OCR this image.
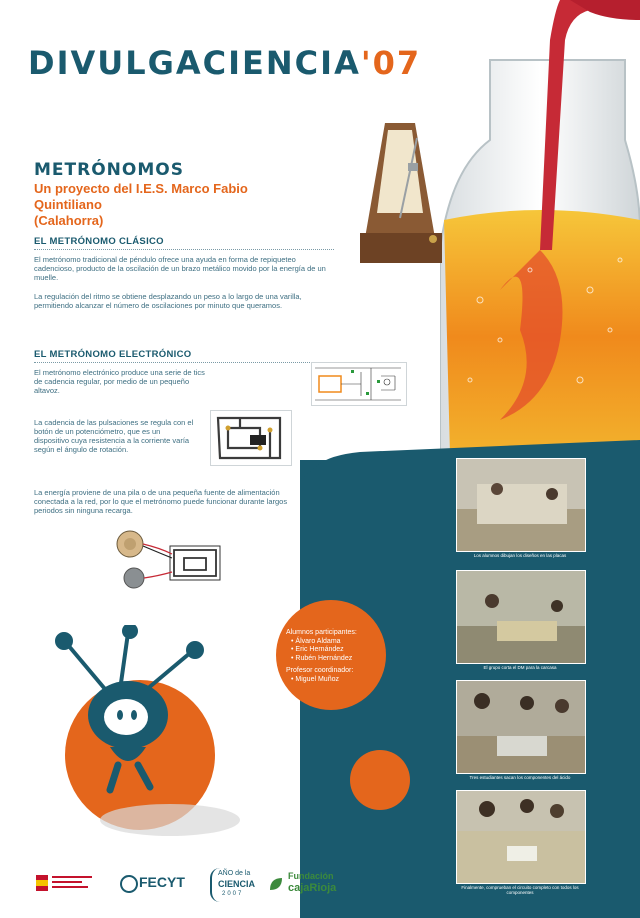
DIVULGACIENCIA'07
METRÓNOMOS
Un proyecto del I.E.S. Marco Fabio Quintiliano
(Calahorra)
EL METRÓNOMO CLÁSICO
El metrónomo tradicional de péndulo ofrece una ayuda en forma de repiqueteo cadencioso, producto de la oscilación de un brazo metálico movido por la energía de un muelle.
La regulación del ritmo se obtiene desplazando un peso a lo largo de una varilla, permitiendo alcanzar el número de oscilaciones por minuto que queramos.
EL METRÓNOMO ELECTRÓNICO
El metrónomo electrónico produce una serie de tics de cadencia regular, por medio de un pequeño altavoz.
La cadencia de las pulsaciones se regula con el botón de un potenciómetro, que es un dispositivo cuya resistencia a la corriente varía según el ángulo de rotación.
La energía proviene de una pila o de una pequeña fuente de alimentación conectada a la red, por lo que el metrónomo puede funcionar durante largos periodos sin ninguna recarga.
Los alumnos dibujan los diseños en las placas
El grupo corta el DM para la carcasa
Tres estudiantes sacan los componentes del ácido
Finalmente, comprueban el circuito completo con todos los componentes
Alumnos participantes:
• Álvaro Aldama
• Eric Hernández
• Rubén Hernández
Profesor coordinador:
• Miguel Muñoz
FECYT
AÑO de la
CIENCIA
2007
Fundación
cajaRioja
